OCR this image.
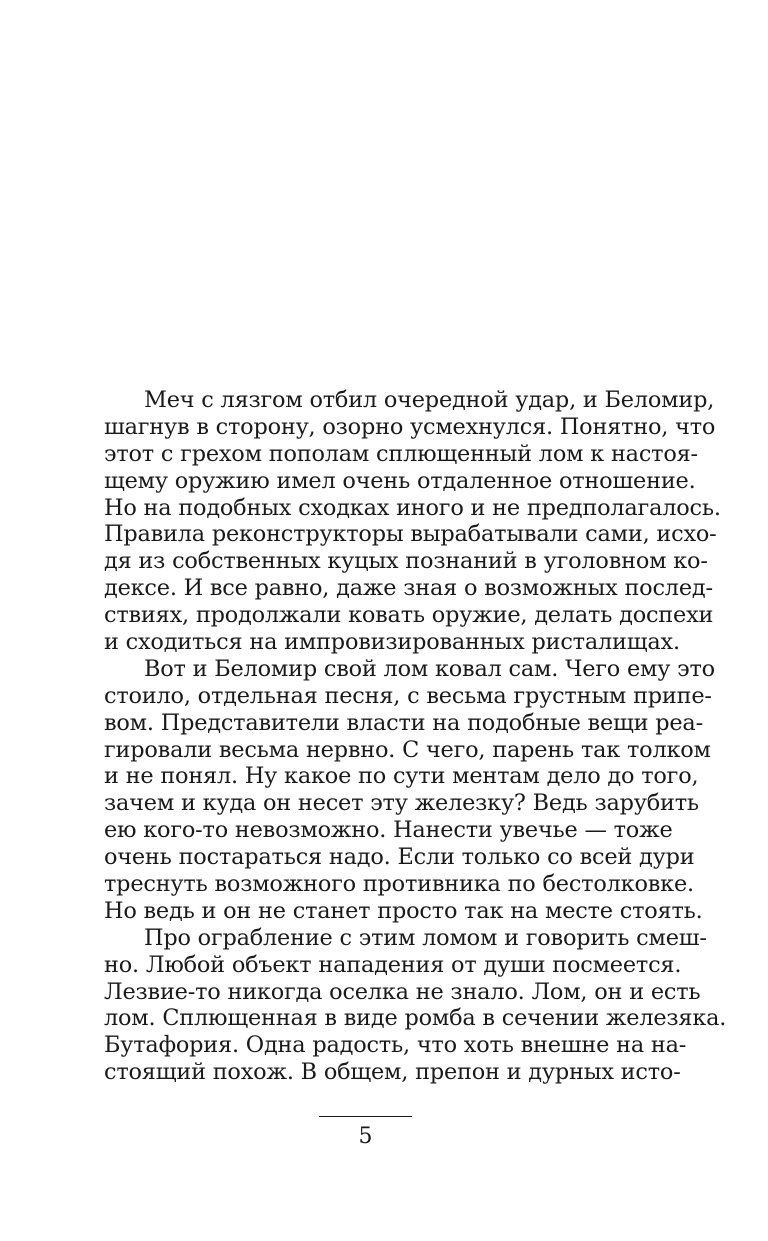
Меч с лязгом отбил очередной удар, и Беломир,
шагнув в сторону, озорно усмехнулся. Понятно, что
этот с грехом пополам сплющенный лом к настоя-
щему оружию имел очень отдаленное отношение.
Но на подобных сходках иного и не предполагалось.
Правила реконструкторы вырабатывали сами, исхо-
дя из собственных куцых познаний в уголовном ко-
дексе. И все равно, даже зная о возможных послед-
ствиях, продолжали ковать оружие, делать доспехи
и сходиться на импровизированных ристалищах.
Вот и Беломир свой лом ковал сам. Чего ему это
стоило, отдельная песня, с весьма грустным припе-
вом. Представители власти на подобные вещи реа-
гировали весьма нервно. С чего, парень так толком
и не понял. Ну какое по сути ментам дело до того,
зачем и куда он несет эту железку? Ведь зарубить
ею кого-то невозможно. Нанести увечье — тоже
очень постараться надо. Если только со всей дури
треснуть возможного противника по бестолковке.
Но ведь и он не станет просто так на месте стоять.
Про ограбление с этим ломом и говорить смеш-
но. Любой объект нападения от души посмеется.
Лезвие-то никогда оселка не знало. Лом, он и есть
лом. Сплющенная в виде ромба в сечении железяка.
Бутафория. Одна радость, что хоть внешне на на-
стоящий похож. В общем, препон и дурных исто-
5
